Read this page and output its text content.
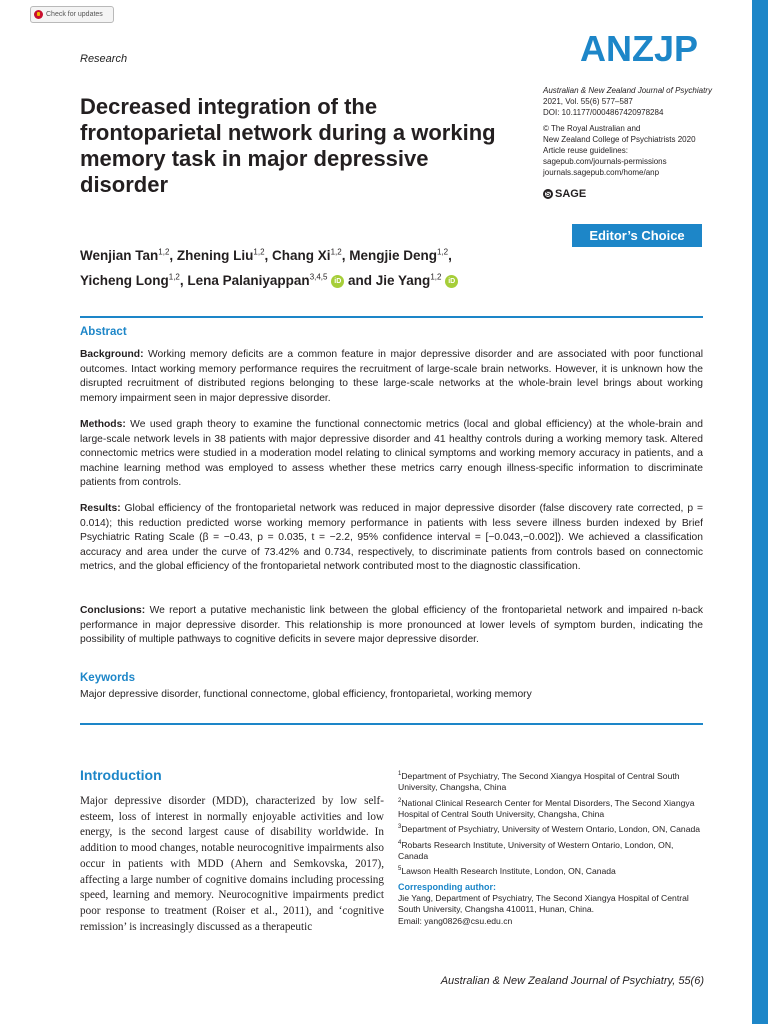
Check for updates
Research	ANZJP
Decreased integration of the frontoparietal network during a working memory task in major depressive disorder
Australian & New Zealand Journal of Psychiatry
2021, Vol. 55(6) 577–587
DOI: 10.1177/0004867420978284
© The Royal Australian and
New Zealand College of Psychiatrists 2020
Article reuse guidelines:
sagepub.com/journals-permissions
journals.sagepub.com/home/anp
S SAGE
Editor’s Choice
Wenjian Tan$^{1,2}$, Zhening Liu$^{1,2}$, Chang Xi$^{1,2}$, Mengjie Deng$^{1,2}$,
Yicheng Long$^{1,2}$, Lena Palaniyappan$^{3,4,5}$ iD and Jie Yang$^{1,2}$ iD
Abstract
Background: Working memory deficits are a common feature in major depressive disorder and are associated with poor functional outcomes. Intact working memory performance requires the recruitment of large-scale brain networks. However, it is unknown how the disrupted recruitment of distributed regions belonging to these large-scale networks at the whole-brain level brings about working memory impairment seen in major depressive disorder.
Methods: We used graph theory to examine the functional connectomic metrics (local and global efficiency) at the whole-brain and large-scale network levels in 38 patients with major depressive disorder and 41 healthy controls during a working memory task. Altered connectomic metrics were studied in a moderation model relating to clinical symptoms and working memory accuracy in patients, and a machine learning method was employed to assess whether these metrics carry enough illness-specific information to discriminate patients from controls.
Results: Global efficiency of the frontoparietal network was reduced in major depressive disorder (false discovery rate corrected, p = 0.014); this reduction predicted worse working memory performance in patients with less severe illness burden indexed by Brief Psychiatric Rating Scale (β = −0.43, p = 0.035, t = −2.2, 95% confidence interval = [−0.043,−0.002]). We achieved a classification accuracy and area under the curve of 73.42% and 0.734, respectively, to discriminate patients from controls based on connectomic metrics, and the global efficiency of the frontoparietal network contributed most to the diagnostic classification.
Conclusions: We report a putative mechanistic link between the global efficiency of the frontoparietal network and impaired n-back performance in major depressive disorder. This relationship is more pronounced at lower levels of symptom burden, indicating the possibility of multiple pathways to cognitive deficits in severe major depressive disorder.
Keywords
Major depressive disorder, functional connectome, global efficiency, frontoparietal, working memory
Introduction
Major depressive disorder (MDD), characterized by low self-esteem, loss of interest in normally enjoyable activities and low energy, is the second largest cause of disability worldwide. In addition to mood changes, notable neurocognitive impairments also occur in patients with MDD (Ahern and Semkovska, 2017), affecting a large number of cognitive domains including processing speed, learning and memory. Neurocognitive impairments predict poor response to treatment (Roiser et al., 2011), and ‘cognitive remission’ is increasingly discussed as a therapeutic
$^1$Department of Psychiatry, The Second Xiangya Hospital of Central South University, Changsha, China
$^2$National Clinical Research Center for Mental Disorders, The Second Xiangya Hospital of Central South University, Changsha, China
$^3$Department of Psychiatry, University of Western Ontario, London, ON, Canada
$^4$Robarts Research Institute, University of Western Ontario, London, ON, Canada
$^5$Lawson Health Research Institute, London, ON, Canada
Corresponding author:
Jie Yang, Department of Psychiatry, The Second Xiangya Hospital of Central South University, Changsha 410011, Hunan, China.
Email: yang0826@csu.edu.cn
Australian & New Zealand Journal of Psychiatry, 55(6)
